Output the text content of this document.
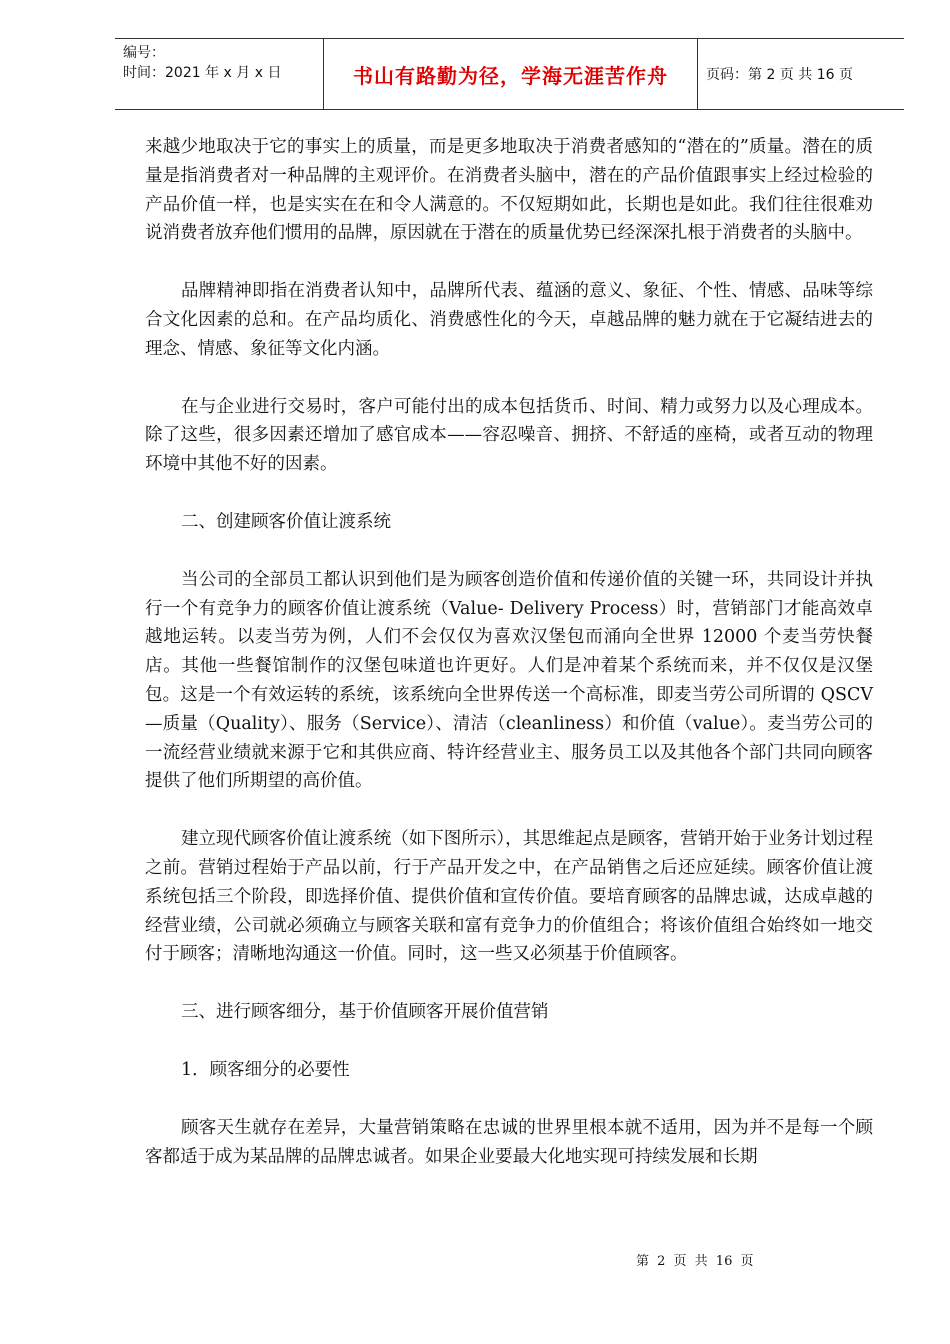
编号：
时间：2021 年 x 月 x 日	书山有路勤为径，学海无涯苦作舟	页码：第 2 页 共 16 页

来越少地取决于它的事实上的质量，而是更多地取决于消费者感知的“潜在的”质量。潜在的质量是指消费者对一种品牌的主观评价。在消费者头脑中，潜在的产品价值跟事实上经过检验的产品价值一样，也是实实在在和令人满意的。不仅短期如此，长期也是如此。我们往往很难劝说消费者放弃他们惯用的品牌，原因就在于潜在的质量优势已经深深扎根于消费者的头脑中。

品牌精神即指在消费者认知中，品牌所代表、蕴涵的意义、象征、个性、情感、品味等综合文化因素的总和。在产品均质化、消费感性化的今天，卓越品牌的魅力就在于它凝结进去的理念、情感、象征等文化内涵。

在与企业进行交易时，客户可能付出的成本包括货币、时间、精力或努力以及心理成本。除了这些，很多因素还增加了感官成本——容忍噪音、拥挤、不舒适的座椅，或者互动的物理环境中其他不好的因素。

二、创建顾客价值让渡系统

当公司的全部员工都认识到他们是为顾客创造价值和传递价值的关键一环，共同设计并执行一个有竞争力的顾客价值让渡系统（Value- Delivery Process）时，营销部门才能高效卓越地运转。以麦当劳为例，人们不会仅仅为喜欢汉堡包而涌向全世界 12000 个麦当劳快餐店。其他一些餐馆制作的汉堡包味道也许更好。人们是冲着某个系统而来，并不仅仅是汉堡包。这是一个有效运转的系统，该系统向全世界传送一个高标准，即麦当劳公司所谓的 QSCV—质量（Quality）、服务（Service）、清洁（cleanliness）和价值（value）。麦当劳公司的一流经营业绩就来源于它和其供应商、特许经营业主、服务员工以及其他各个部门共同向顾客提供了他们所期望的高价值。

建立现代顾客价值让渡系统（如下图所示），其思维起点是顾客，营销开始于业务计划过程之前。营销过程始于产品以前，行于产品开发之中，在产品销售之后还应延续。顾客价值让渡系统包括三个阶段，即选择价值、提供价值和宣传价值。要培育顾客的品牌忠诚，达成卓越的经营业绩，公司就必须确立与顾客关联和富有竞争力的价值组合；将该价值组合始终如一地交付于顾客；清晰地沟通这一价值。同时，这一些又必须基于价值顾客。

三、进行顾客细分，基于价值顾客开展价值营销

1．顾客细分的必要性

顾客天生就存在差异，大量营销策略在忠诚的世界里根本就不适用，因为并不是每一个顾客都适于成为某品牌的品牌忠诚者。如果企业要最大化地实现可持续发展和长期

第 2 页 共 16 页
